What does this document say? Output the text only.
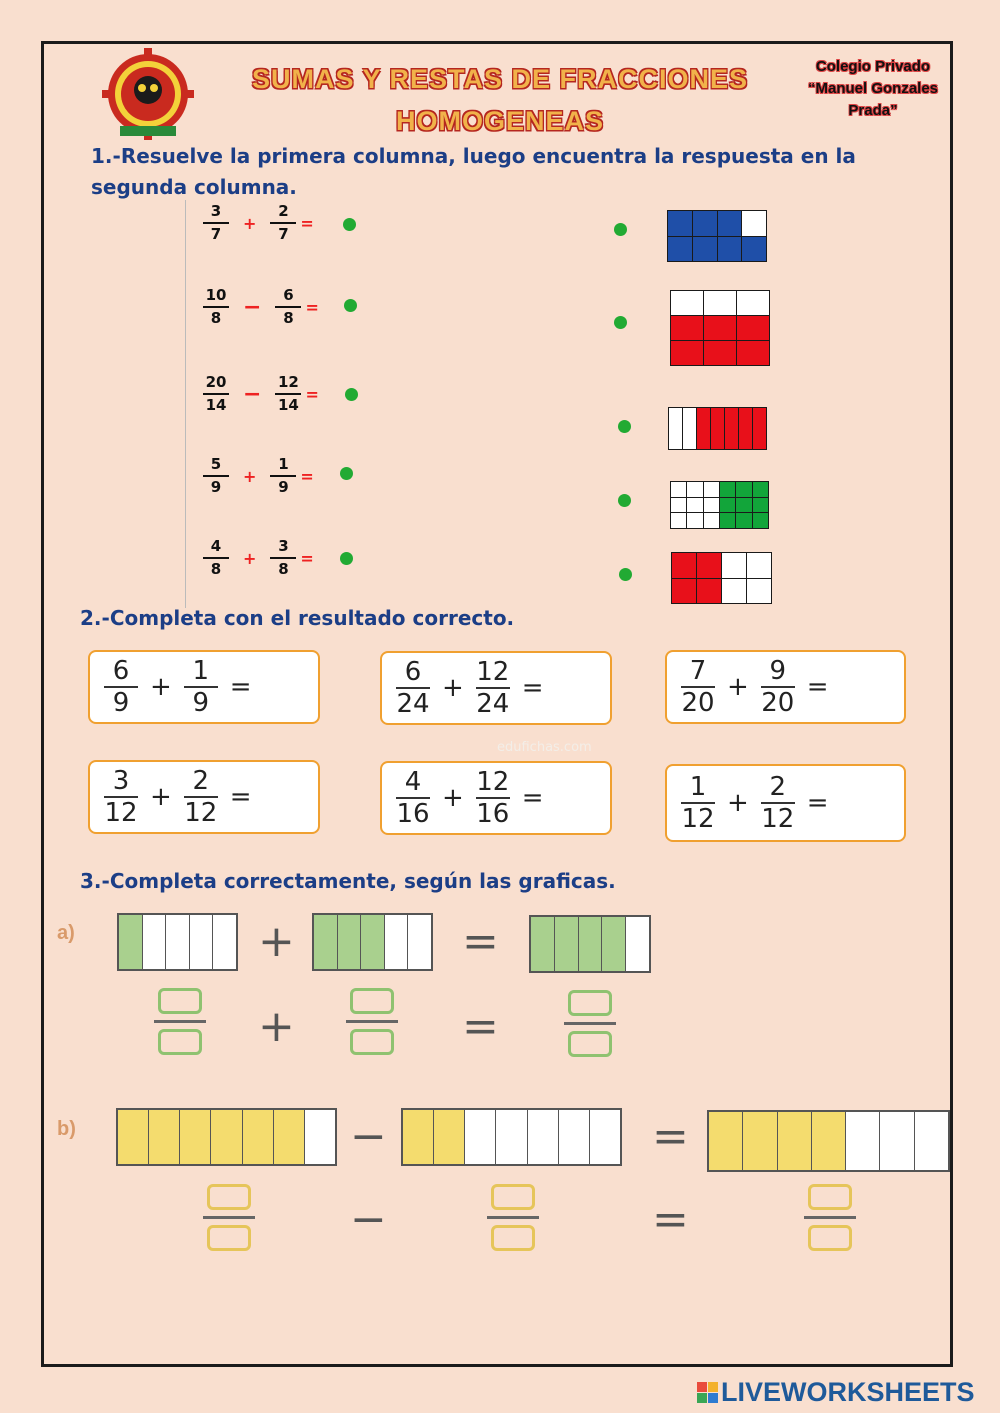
SUMAS Y RESTAS DE FRACCIONES
HOMOGENEAS
Colegio Privado
“Manuel Gonzales
Prada”
1.-Resuelve la primera columna, luego encuentra la respuesta en la
segunda columna.
3
7
+
2
7
=
10
8 − 6
8
=
20
14 − 12
14
=
5
9
+
1
9
=
4
8
+
3
8
=

2.-Completa con el resultado correcto.
6
9
+
1
9
=	6
24
+
12
24
=
7
20
+
9
20
=
edufichas.com
3
12
+
2
12
=	4
16
+
12
16
=	1
12
+
2
12
=
3.-Completa correctamente, según las graficas.
a)	+	=
+	=
b)	−	=
−	=
LIVEWORKSHEETS
